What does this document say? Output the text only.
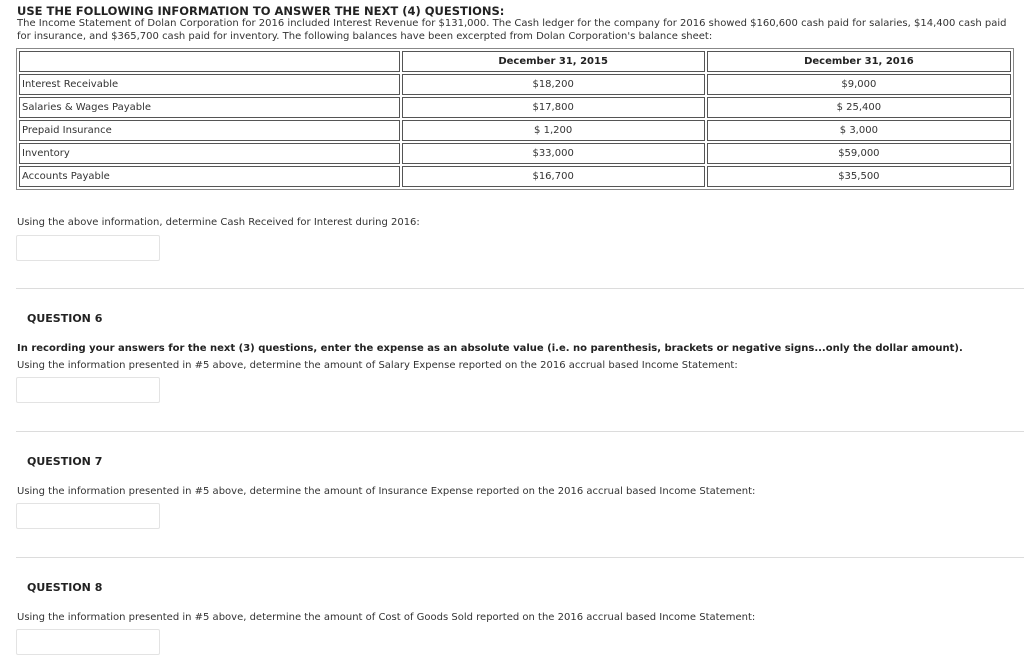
USE THE FOLLOWING INFORMATION TO ANSWER THE NEXT (4) QUESTIONS:
The Income Statement of Dolan Corporation for 2016 included Interest Revenue for $131,000. The Cash ledger for the company for 2016 showed $160,600 cash paid for salaries, $14,400 cash paid for insurance, and $365,700 cash paid for inventory. The following balances have been excerpted from Dolan Corporation's balance sheet:
	December 31, 2015	December 31, 2016
Interest Receivable	$18,200	$9,000
Salaries & Wages Payable	$17,800	$ 25,400
Prepaid Insurance	$ 1,200	$ 3,000
Inventory	$33,000	$59,000
Accounts Payable	$16,700	$35,500
Using the above information, determine Cash Received for Interest during 2016:
QUESTION 6
In recording your answers for the next (3) questions, enter the expense as an absolute value (i.e. no parenthesis, brackets or negative signs...only the dollar amount).
Using the information presented in #5 above, determine the amount of Salary Expense reported on the 2016 accrual based Income Statement:
QUESTION 7
Using the information presented in #5 above, determine the amount of Insurance Expense reported on the 2016 accrual based Income Statement:
QUESTION 8
Using the information presented in #5 above, determine the amount of Cost of Goods Sold reported on the 2016 accrual based Income Statement:
